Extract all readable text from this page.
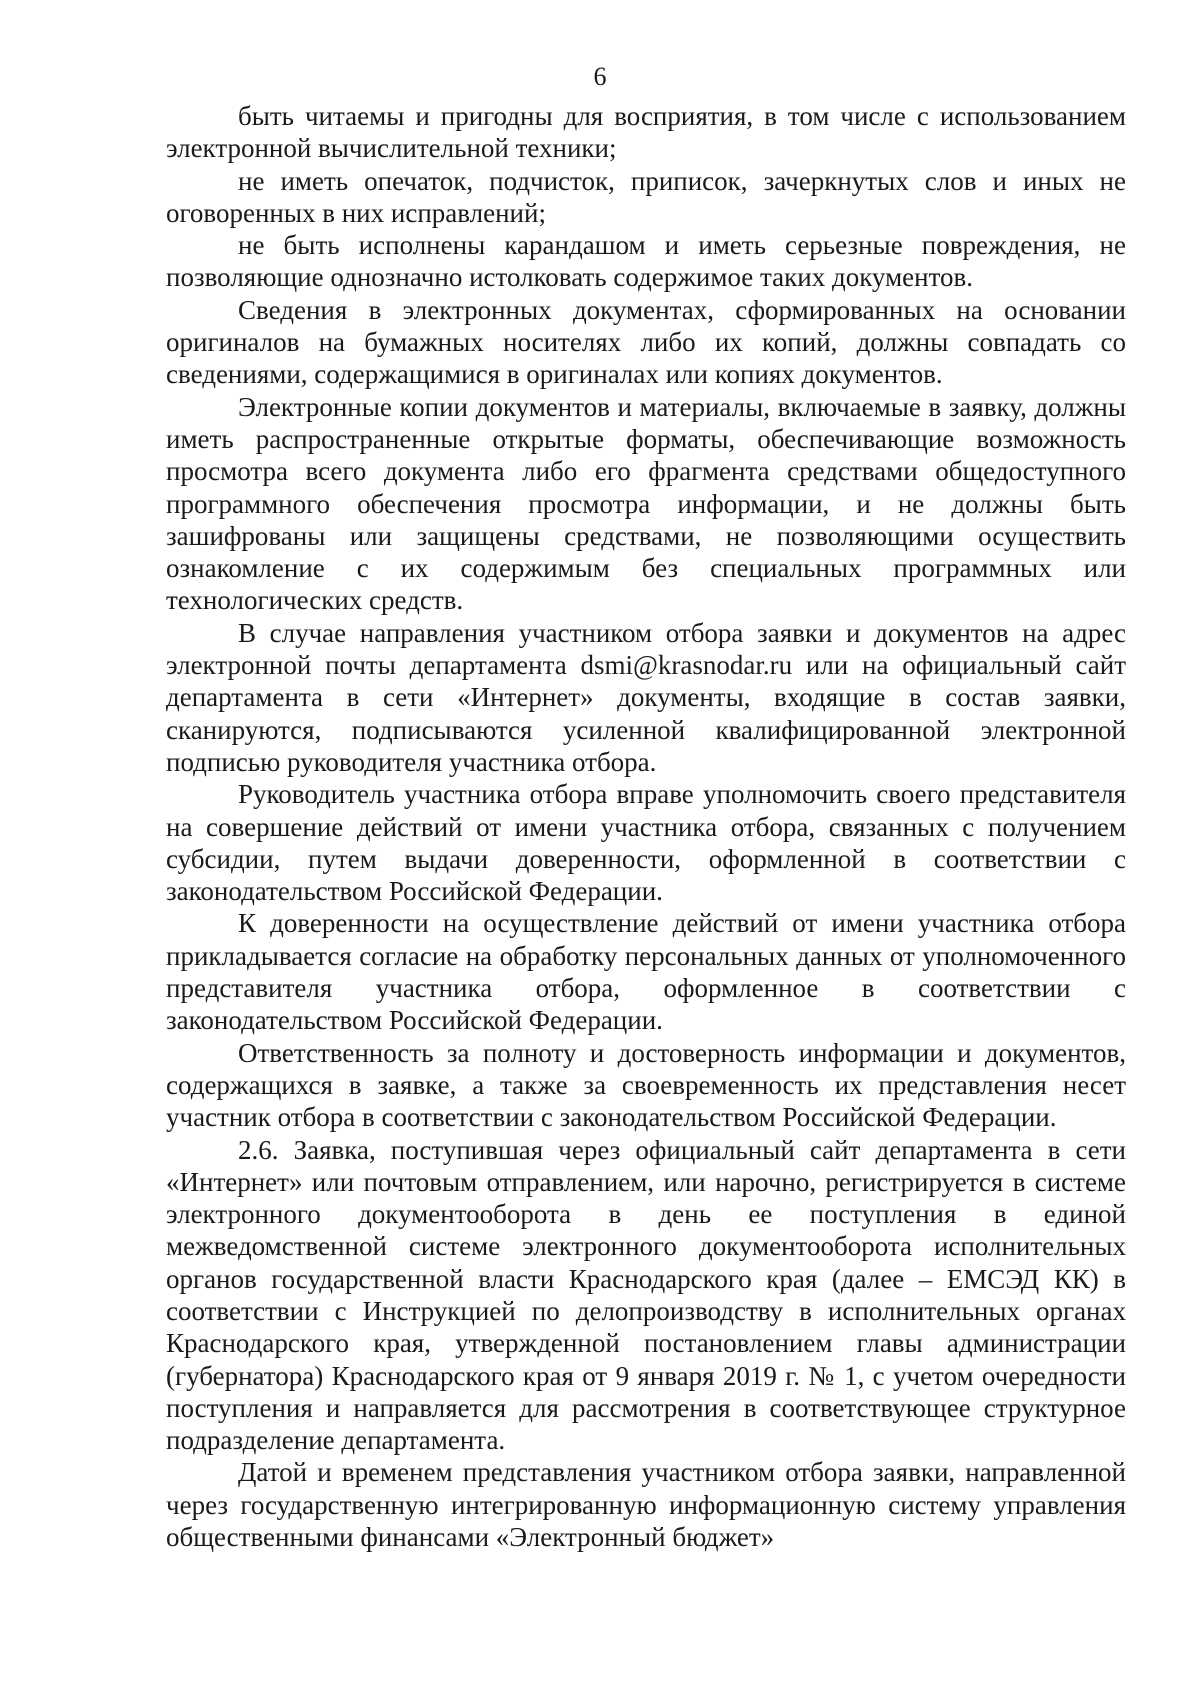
6

быть читаемы и пригодны для восприятия, в том числе с использованием электронной вычислительной техники;

не иметь опечаток, подчисток, приписок, зачеркнутых слов и иных не оговоренных в них исправлений;

не быть исполнены карандашом и иметь серьезные повреждения, не позволяющие однозначно истолковать содержимое таких документов.

Сведения в электронных документах, сформированных на основании оригиналов на бумажных носителях либо их копий, должны совпадать со сведениями, содержащимися в оригиналах или копиях документов.

Электронные копии документов и материалы, включаемые в заявку, должны иметь распространенные открытые форматы, обеспечивающие возможность просмотра всего документа либо его фрагмента средствами общедоступного программного обеспечения просмотра информации, и не должны быть зашифрованы или защищены средствами, не позволяющими осуществить ознакомление с их содержимым без специальных программных или технологических средств.

В случае направления участником отбора заявки и документов на адрес электронной почты департамента dsmi@krasnodar.ru или на официальный сайт департамента в сети «Интернет» документы, входящие в состав заявки, сканируются, подписываются усиленной квалифицированной электронной подписью руководителя участника отбора.

Руководитель участника отбора вправе уполномочить своего представителя на совершение действий от имени участника отбора, связанных с получением субсидии, путем выдачи доверенности, оформленной в соответствии с законодательством Российской Федерации.

К доверенности на осуществление действий от имени участника отбора прикладывается согласие на обработку персональных данных от уполномоченного представителя участника отбора, оформленное в соответствии с законодательством Российской Федерации.

Ответственность за полноту и достоверность информации и документов, содержащихся в заявке, а также за своевременность их представления несет участник отбора в соответствии с законодательством Российской Федерации.

2.6. Заявка, поступившая через официальный сайт департамента в сети «Интернет» или почтовым отправлением, или нарочно, регистрируется в системе электронного документооборота в день ее поступления в единой межведомственной системе электронного документооборота исполнительных органов государственной власти Краснодарского края (далее – ЕМСЭД КК) в соответствии с Инструкцией по делопроизводству в исполнительных органах Краснодарского края, утвержденной постановлением главы администрации (губернатора) Краснодарского края от 9 января 2019 г. № 1, с учетом очередности поступления и направляется для рассмотрения в соответствующее структурное подразделение департамента.

Датой и временем представления участником отбора заявки, направленной через государственную интегрированную информационную систему управления общественными финансами «Электронный бюджет»
